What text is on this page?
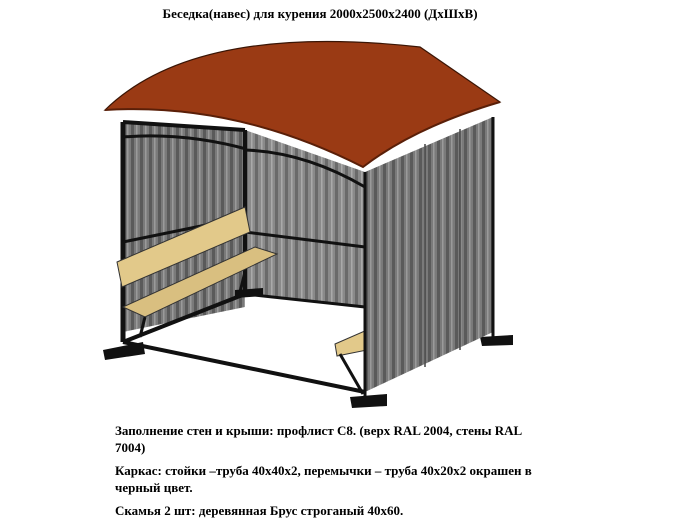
Беседка(навес) для курения 2000х2500х2400 (ДхШхВ)
Заполнение стен и крыши: профлист С8. (верх RAL 2004, стены RAL 7004)
Каркас: стойки –труба 40х40х2, перемычки – труба 40х20х2 окрашен в черный цвет.
Скамья 2 шт: деревянная Брус строганый 40х60.
